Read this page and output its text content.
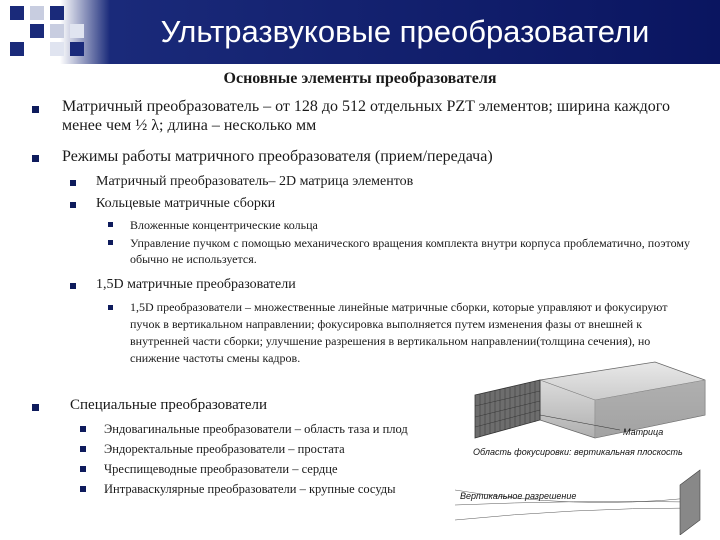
Ультразвуковые преобразователи
Основные элементы преобразователя
Матричный преобразователь – от 128 до 512 отдельных PZT элементов; ширина каждого менее чем ½ λ; длина – несколько мм
Режимы работы матричного преобразователя (прием/передача)
Матричный преобразователь– 2D матрица элементов
Кольцевые матричные сборки
Вложенные концентрические кольца
Управление пучком с помощью механического вращения комплекта внутри корпуса проблематично, поэтому обычно не используется.
1,5D матричные преобразователи
1,5D преобразователи – множественные линейные матричные сборки, которые управляют и фокусируют пучок в вертикальном направлении; фокусировка выполняется путем изменения фазы от внешней к внутренней части сборки; улучшение разрешения в вертикальном направлении(толщина сечения), но снижение частоты смены кадров.
Специальные преобразователи
Эндовагинальные преобразователи – область таза и плод
Эндоректальные преобразователи – простата
Чреспищеводные преобразователи – сердце
Интраваскулярные преобразователи – крупные сосуды
Матрица
Область фокусировки: вертикальная плоскость
Вертикальное разрешение
